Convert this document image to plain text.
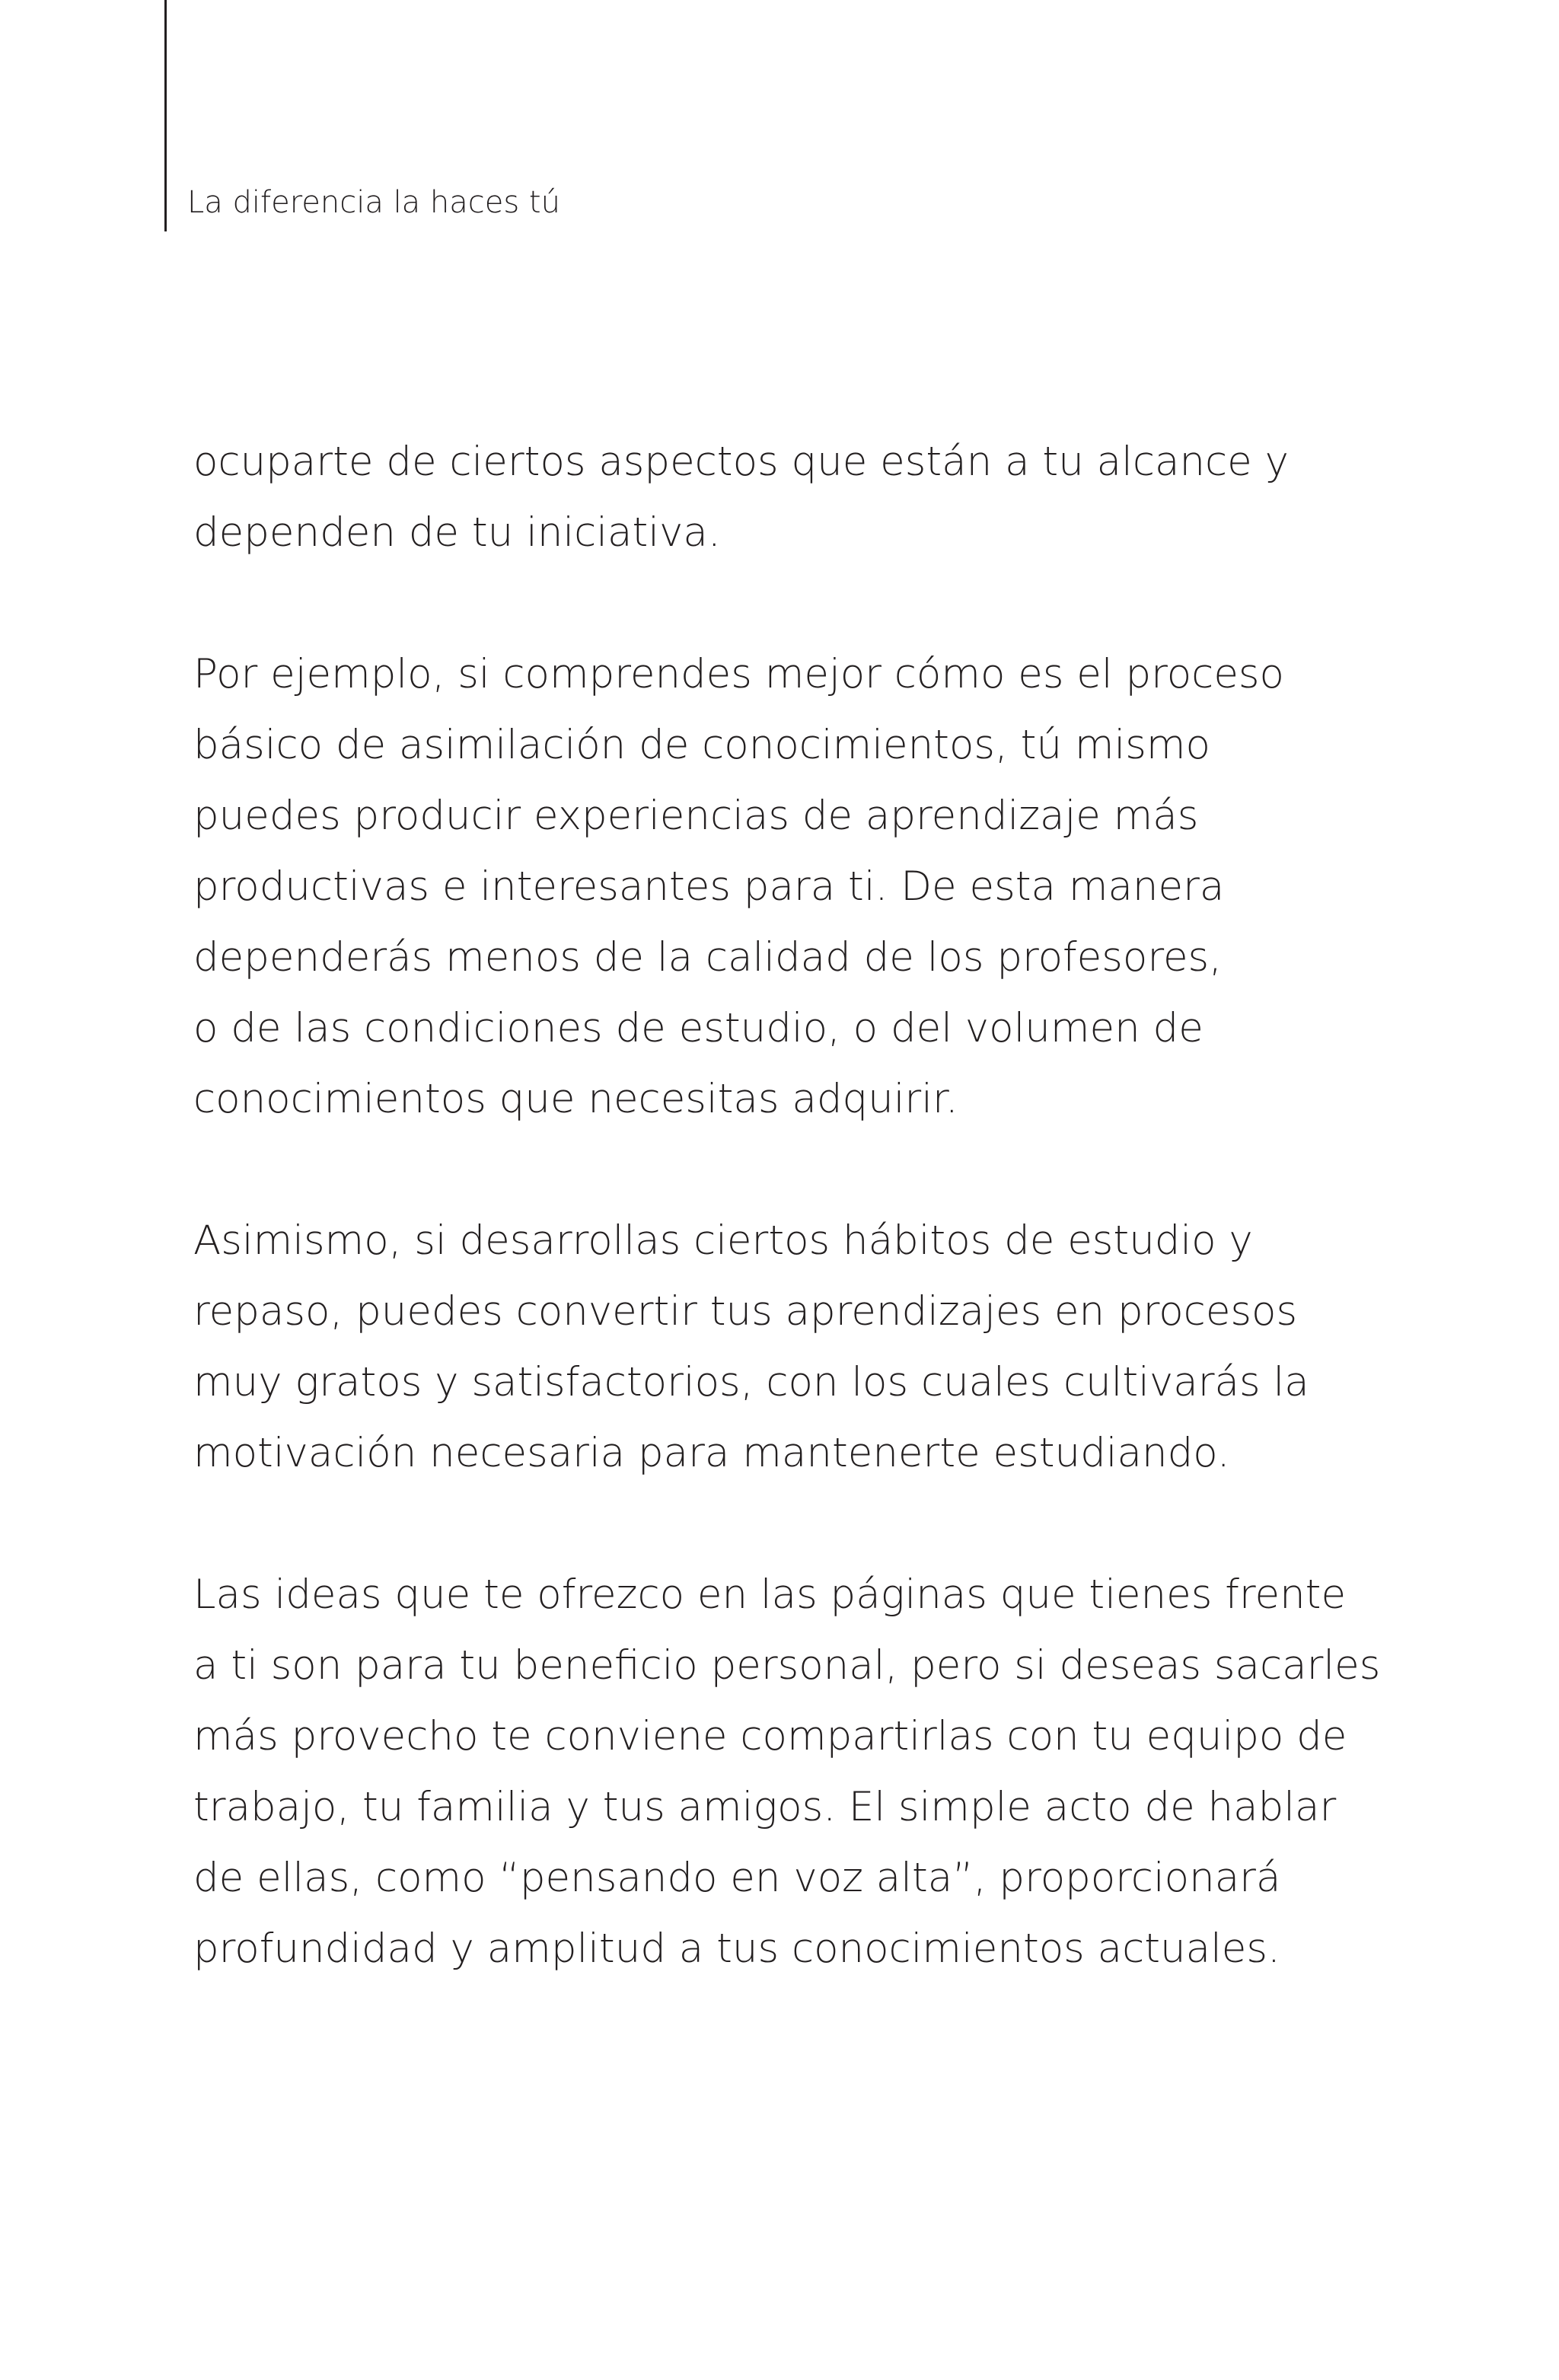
La diferencia la haces tú

ocuparte de ciertos aspectos que están a tu alcance y
dependen de tu iniciativa.

Por ejemplo, si comprendes mejor cómo es el proceso
básico de asimilación de conocimientos, tú mismo
puedes producir experiencias de aprendizaje más
productivas e interesantes para ti. De esta manera
dependerás menos de la calidad de los profesores,
o de las condiciones de estudio, o del volumen de
conocimientos que necesitas adquirir.

Asimismo, si desarrollas ciertos hábitos de estudio y
repaso, puedes convertir tus aprendizajes en procesos
muy gratos y satisfactorios, con los cuales cultivarás la
motivación necesaria para mantenerte estudiando.

Las ideas que te ofrezco en las páginas que tienes frente
a ti son para tu beneficio personal, pero si deseas sacarles
más provecho te conviene compartirlas con tu equipo de
trabajo, tu familia y tus amigos. El simple acto de hablar
de ellas, como “pensando en voz alta”, proporcionará
profundidad y amplitud a tus conocimientos actuales.
